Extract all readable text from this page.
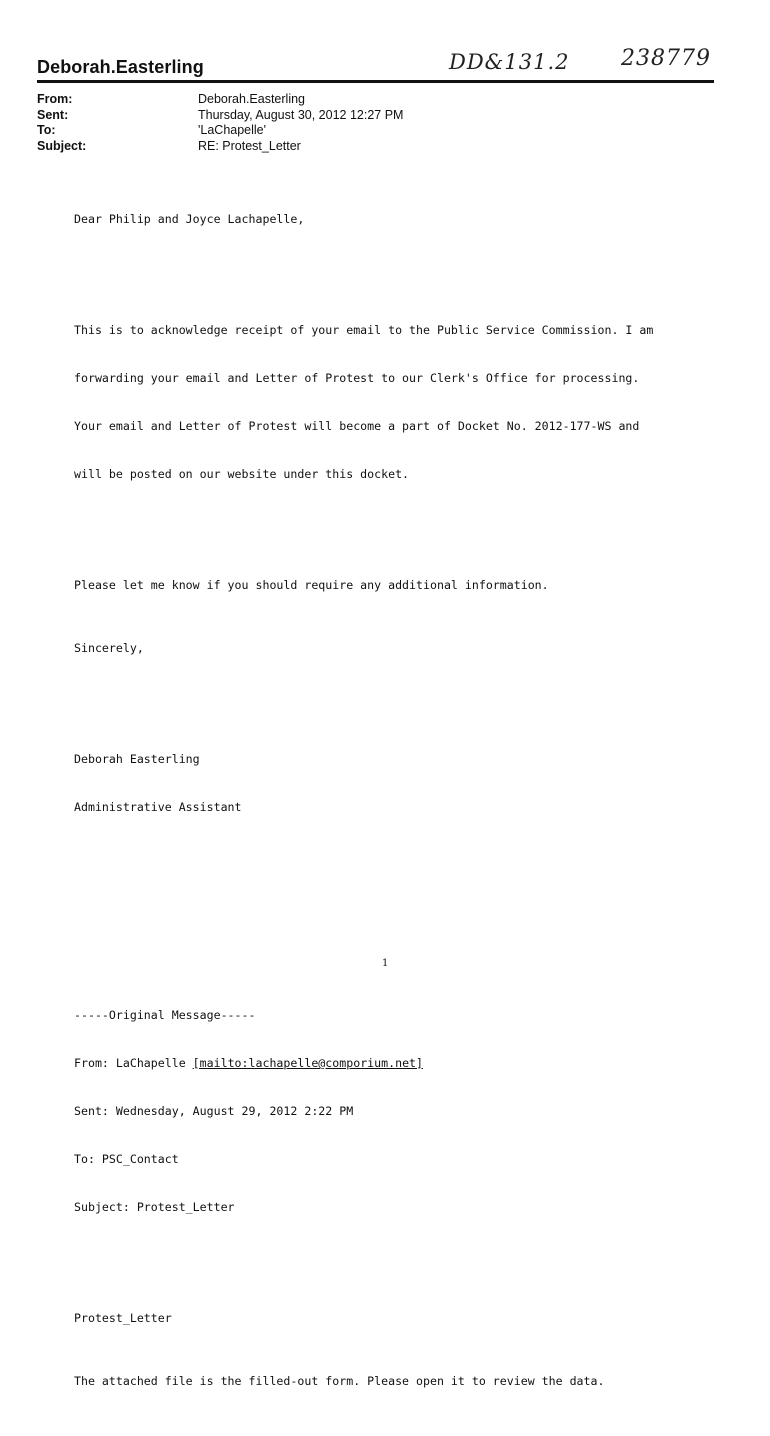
Deborah.Easterling	DD&131.2 238779
From:	Deborah.Easterling
Sent:	Thursday, August 30, 2012 12:27 PM
To:	'LaChapelle'
Subject:	RE: Protest_Letter

Dear Philip and Joyce Lachapelle,

This is to acknowledge receipt of your email to the Public Service Commission. I am

forwarding your email and Letter of Protest to our Clerk's Office for processing.

Your email and Letter of Protest will become a part of Docket No. 2012-177-WS and

will be posted on our website under this docket.

Please let me know if you should require any additional information.

Sincerely,

Deborah Easterling

Administrative Assistant

-----Original Message-----

From: LaChapelle [mailto:lachapelle@comporium.net]

Sent: Wednesday, August 29, 2012 2:22 PM

To: PSC_Contact

Subject: Protest_Letter

Protest_Letter

The attached file is the filled-out form. Please open it to review the data.

1
